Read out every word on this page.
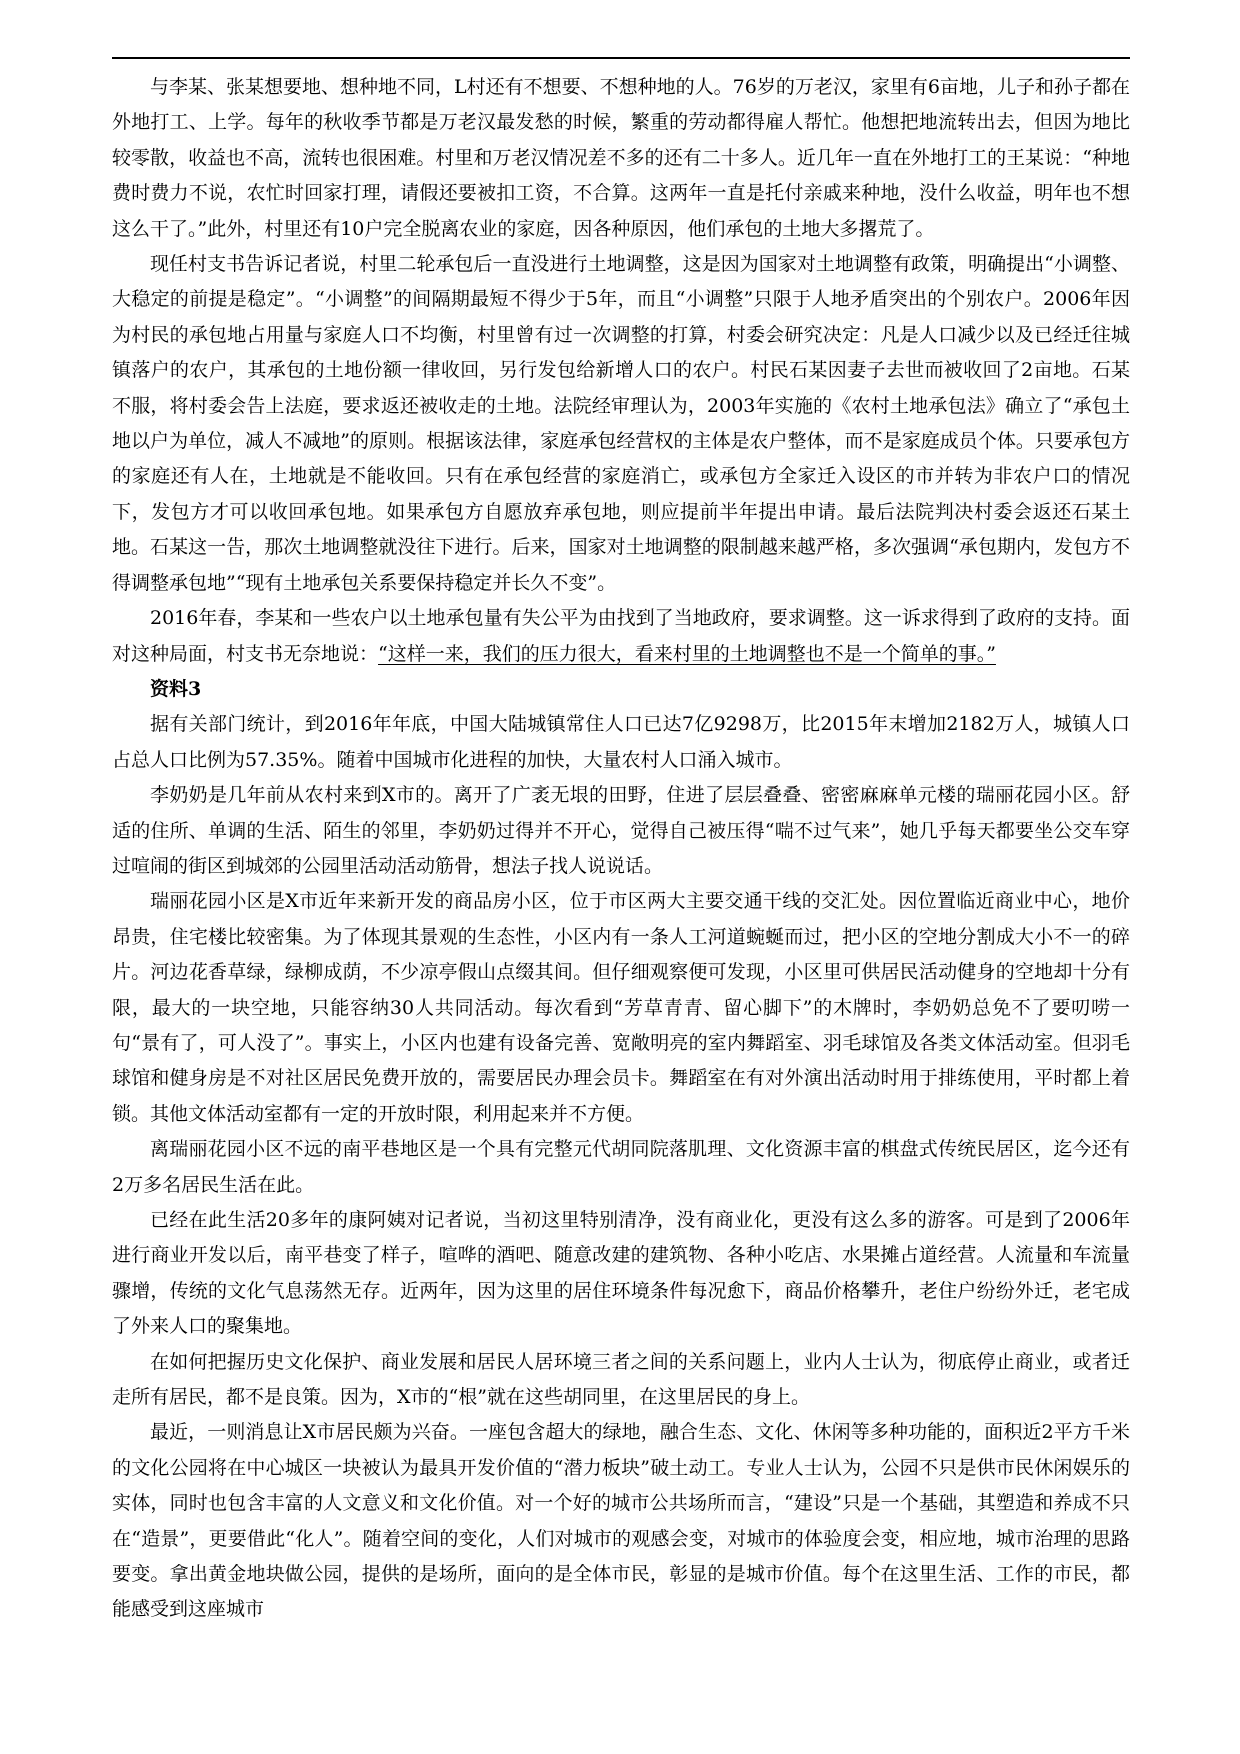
与李某、张某想要地、想种地不同，L村还有不想要、不想种地的人。76岁的万老汉，家里有6亩地，儿子和孙子都在外地打工、上学。每年的秋收季节都是万老汉最发愁的时候，繁重的劳动都得雇人帮忙。他想把地流转出去，但因为地比较零散，收益也不高，流转也很困难。村里和万老汉情况差不多的还有二十多人。近几年一直在外地打工的王某说：“种地费时费力不说，农忙时回家打理，请假还要被扣工资，不合算。这两年一直是托付亲戚来种地，没什么收益，明年也不想这么干了。”此外，村里还有10户完全脱离农业的家庭，因各种原因，他们承包的土地大多撂荒了。

现任村支书告诉记者说，村里二轮承包后一直没进行土地调整，这是因为国家对土地调整有政策，明确提出“小调整、大稳定的前提是稳定”。“小调整”的间隔期最短不得少于5年，而且“小调整”只限于人地矛盾突出的个别农户。2006年因为村民的承包地占用量与家庭人口不均衡，村里曾有过一次调整的打算，村委会研究决定：凡是人口减少以及已经迁往城镇落户的农户，其承包的土地份额一律收回，另行发包给新增人口的农户。村民石某因妻子去世而被收回了2亩地。石某不服，将村委会告上法庭，要求返还被收走的土地。法院经审理认为，2003年实施的《农村土地承包法》确立了“承包土地以户为单位，减人不减地”的原则。根据该法律，家庭承包经营权的主体是农户整体，而不是家庭成员个体。只要承包方的家庭还有人在，土地就是不能收回。只有在承包经营的家庭消亡，或承包方全家迁入设区的市并转为非农户口的情况下，发包方才可以收回承包地。如果承包方自愿放弃承包地，则应提前半年提出申请。最后法院判决村委会返还石某土地。石某这一告，那次土地调整就没往下进行。后来，国家对土地调整的限制越来越严格，多次强调“承包期内，发包方不得调整承包地”“现有土地承包关系要保持稳定并长久不变”。

2016年春，李某和一些农户以土地承包量有失公平为由找到了当地政府，要求调整。这一诉求得到了政府的支持。面对这种局面，村支书无奈地说：“这样一来，我们的压力很大，看来村里的土地调整也不是一个简单的事。”

资料3

据有关部门统计，到2016年年底，中国大陆城镇常住人口已达7亿9298万，比2015年末增加2182万人，城镇人口占总人口比例为57.35%。随着中国城市化进程的加快，大量农村人口涌入城市。

李奶奶是几年前从农村来到X市的。离开了广袤无垠的田野，住进了层层叠叠、密密麻麻单元楼的瑞丽花园小区。舒适的住所、单调的生活、陌生的邻里，李奶奶过得并不开心，觉得自己被压得“喘不过气来”，她几乎每天都要坐公交车穿过喧闹的街区到城郊的公园里活动活动筋骨，想法子找人说说话。

瑞丽花园小区是X市近年来新开发的商品房小区，位于市区两大主要交通干线的交汇处。因位置临近商业中心，地价昂贵，住宅楼比较密集。为了体现其景观的生态性，小区内有一条人工河道蜿蜒而过，把小区的空地分割成大小不一的碎片。河边花香草绿，绿柳成荫，不少凉亭假山点缀其间。但仔细观察便可发现，小区里可供居民活动健身的空地却十分有限，最大的一块空地，只能容纳30人共同活动。每次看到“芳草青青、留心脚下”的木牌时，李奶奶总免不了要叨唠一句“景有了，可人没了”。事实上，小区内也建有设备完善、宽敞明亮的室内舞蹈室、羽毛球馆及各类文体活动室。但羽毛球馆和健身房是不对社区居民免费开放的，需要居民办理会员卡。舞蹈室在有对外演出活动时用于排练使用，平时都上着锁。其他文体活动室都有一定的开放时限，利用起来并不方便。

离瑞丽花园小区不远的南平巷地区是一个具有完整元代胡同院落肌理、文化资源丰富的棋盘式传统民居区，迄今还有2万多名居民生活在此。

已经在此生活20多年的康阿姨对记者说，当初这里特别清净，没有商业化，更没有这么多的游客。可是到了2006年进行商业开发以后，南平巷变了样子，喧哗的酒吧、随意改建的建筑物、各种小吃店、水果摊占道经营。人流量和车流量骤增，传统的文化气息荡然无存。近两年，因为这里的居住环境条件每况愈下，商品价格攀升，老住户纷纷外迁，老宅成了外来人口的聚集地。

在如何把握历史文化保护、商业发展和居民人居环境三者之间的关系问题上，业内人士认为，彻底停止商业，或者迁走所有居民，都不是良策。因为，X市的“根”就在这些胡同里，在这里居民的身上。

最近，一则消息让X市居民颇为兴奋。一座包含超大的绿地，融合生态、文化、休闲等多种功能的，面积近2平方千米的文化公园将在中心城区一块被认为最具开发价值的“潜力板块”破土动工。专业人士认为，公园不只是供市民休闲娱乐的实体，同时也包含丰富的人文意义和文化价值。对一个好的城市公共场所而言，“建设”只是一个基础，其塑造和养成不只在“造景”，更要借此“化人”。随着空间的变化，人们对城市的观感会变，对城市的体验度会变，相应地，城市治理的思路要变。拿出黄金地块做公园，提供的是场所，面向的是全体市民，彰显的是城市价值。每个在这里生活、工作的市民，都能感受到这座城市
